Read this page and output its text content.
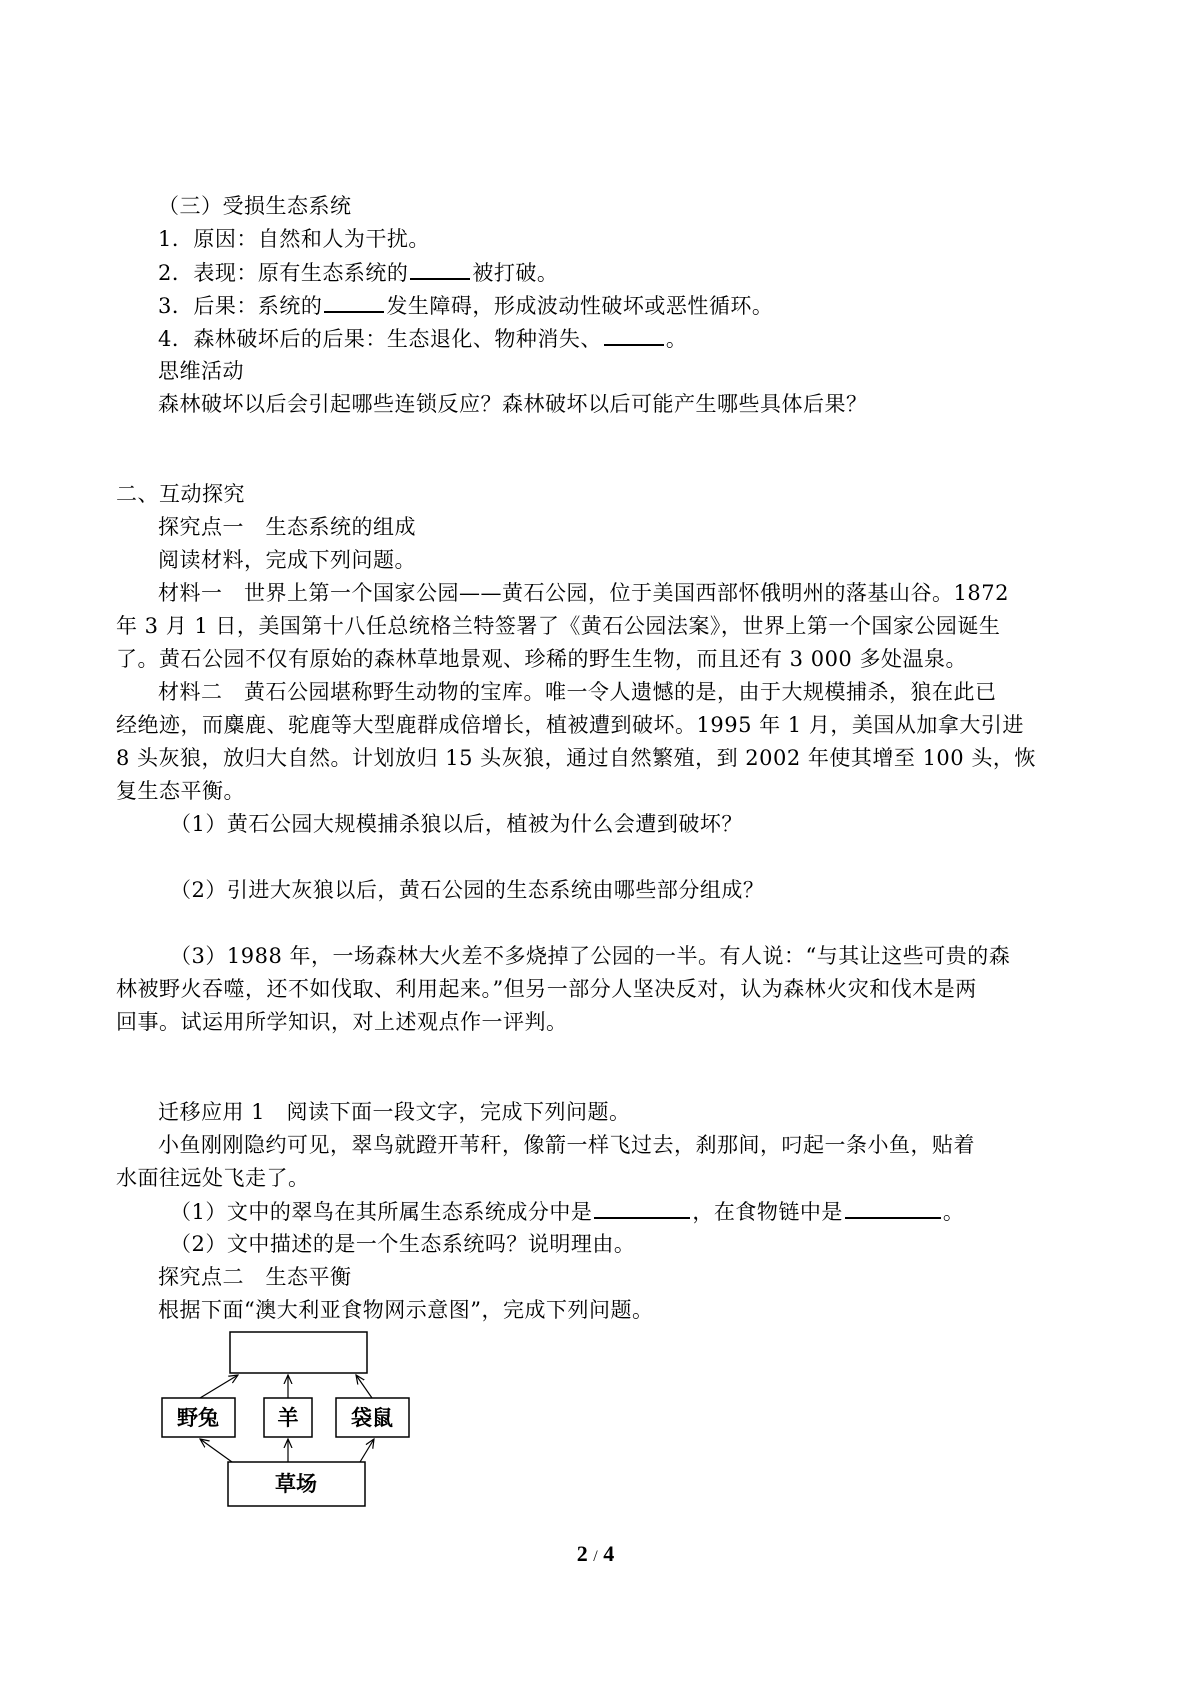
（三）受损生态系统
1．原因：自然和人为干扰。
2．表现：原有生态系统的	被打破。
3．后果：系统的	发生障碍，形成波动性破坏或恶性循环。
4．森林破坏后的后果：生态退化、物种消失、	。
思维活动
森林破坏以后会引起哪些连锁反应？森林破坏以后可能产生哪些具体后果？
二、互动探究
探究点一　生态系统的组成
阅读材料，完成下列问题。
材料一　世界上第一个国家公园——黄石公园，位于美国西部怀俄明州的落基山谷。1872
年 3 月 1 日，美国第十八任总统格兰特签署了《黄石公园法案》，世界上第一个国家公园诞生
了。黄石公园不仅有原始的森林草地景观、珍稀的野生生物，而且还有 3 000 多处温泉。
材料二　黄石公园堪称野生动物的宝库。唯一令人遗憾的是，由于大规模捕杀，狼在此已
经绝迹，而麋鹿、驼鹿等大型鹿群成倍增长，植被遭到破坏。1995 年 1 月，美国从加拿大引进
8 头灰狼，放归大自然。计划放归 15 头灰狼，通过自然繁殖，到 2002 年使其增至 100 头，恢
复生态平衡。
（1）黄石公园大规模捕杀狼以后，植被为什么会遭到破坏？
（2）引进大灰狼以后，黄石公园的生态系统由哪些部分组成？
（3）1988 年，一场森林大火差不多烧掉了公园的一半。有人说：“与其让这些可贵的森
林被野火吞噬，还不如伐取、利用起来。”但另一部分人坚决反对，认为森林火灾和伐木是两
回事。试运用所学知识，对上述观点作一评判。
迁移应用 1　阅读下面一段文字，完成下列问题。
小鱼刚刚隐约可见，翠鸟就蹬开苇秆，像箭一样飞过去，刹那间，叼起一条小鱼，贴着
水面往远处飞走了。
（1）文中的翠鸟在其所属生态系统成分中是	，在食物链中是	。
（2）文中描述的是一个生态系统吗？说明理由。
探究点二　生态平衡
根据下面“澳大利亚食物网示意图”，完成下列问题。
野兔	羊	袋鼠
草场
2 / 4
